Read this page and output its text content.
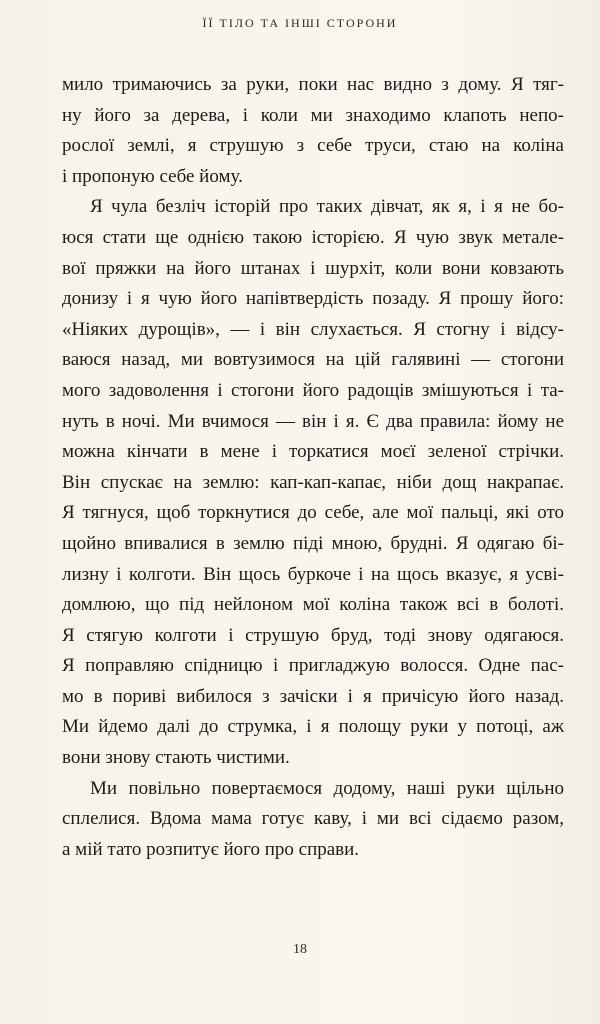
ЇЇ ТІЛО ТА ІНШІ СТОРОНИ
мило тримаючись за руки, поки нас видно з дому. Я тяг-
ну його за дерева, і коли ми знаходимо клапоть непо-
рослої землі, я струшую з себе труси, стаю на коліна
і пропоную себе йому.
Я чула безліч історій про таких дівчат, як я, і я не бо-
юся стати ще однією такою історією. Я чую звук метале-
вої пряжки на його штанах і шурхіт, коли вони ковзають
донизу і я чую його напівтвердість позаду. Я прошу його:
«Ніяких дурощів», — і він слухається. Я стогну і відсу-
ваюся назад, ми вовтузимося на цій галявині — стогони
мого задоволення і стогони його радощів змішуються і та-
нуть в ночі. Ми вчимося — він і я. Є два правила: йому не
можна кінчати в мене і торкатися моєї зеленої стрічки.
Він спускає на землю: кап-кап-капає, ніби дощ накрапає.
Я тягнуся, щоб торкнутися до себе, але мої пальці, які ото
щойно впивалися в землю піді мною, брудні. Я одягаю бі-
лизну і колготи. Він щось буркоче і на щось вказує, я усві-
домлюю, що під нейлоном мої коліна також всі в болоті.
Я стягую колготи і струшую бруд, тоді знову одягаюся.
Я поправляю спідницю і пригладжую волосся. Одне пас-
мо в пориві вибилося з зачіски і я причісую його назад.
Ми йдемо далі до струмка, і я полощу руки у потоці, аж
вони знову стають чистими.
Ми повільно повертаємося додому, наші руки щільно
сплелися. Вдома мама готує каву, і ми всі сідаємо разом,
а мій тато розпитує його про справи.
18
